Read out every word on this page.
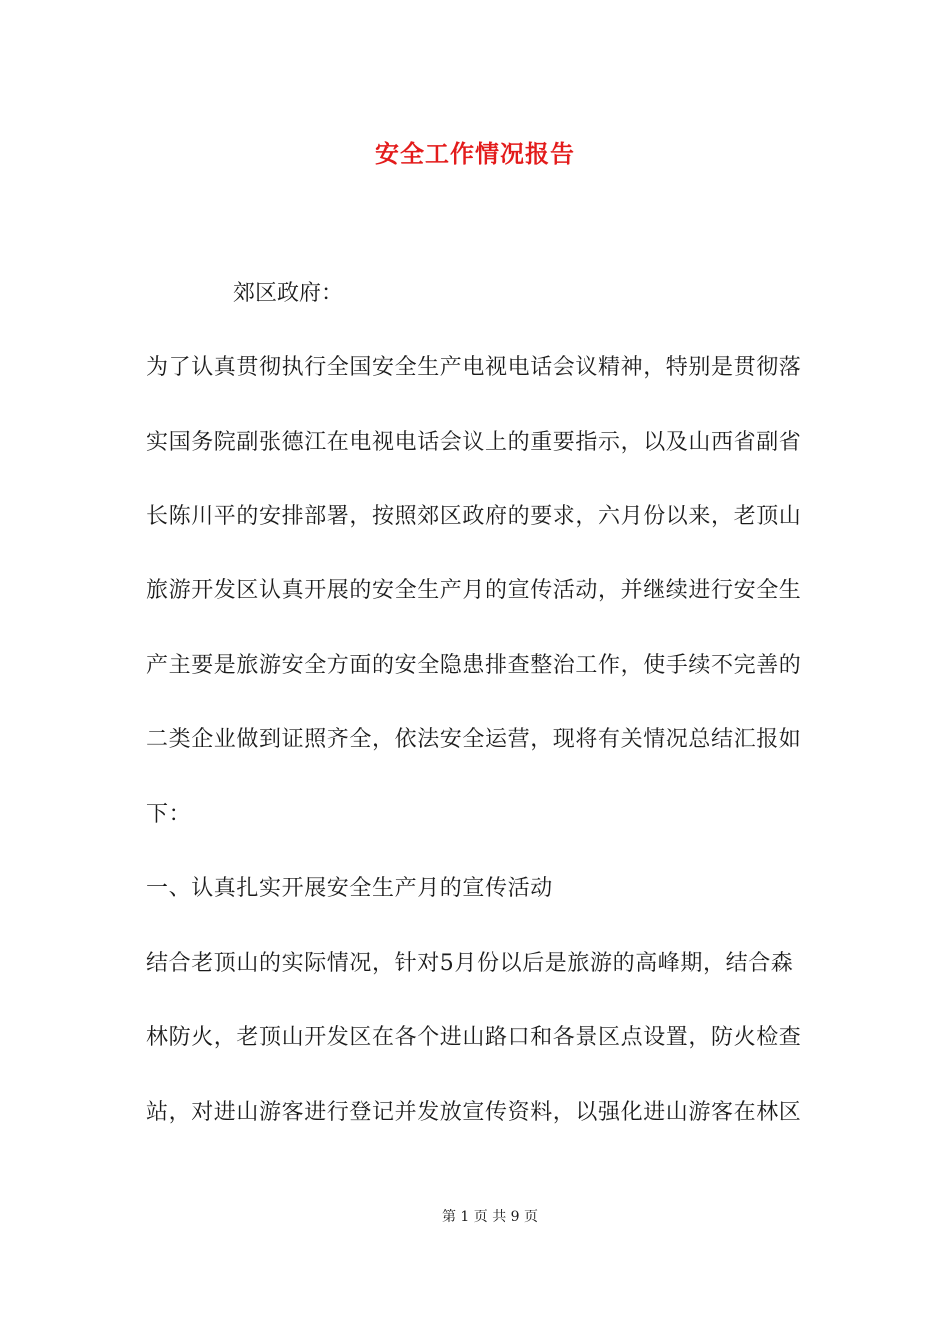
安全工作情况报告
郊区政府：
为了认真贯彻执行全国安全生产电视电话会议精神，特别是贯彻落
实国务院副张德江在电视电话会议上的重要指示，以及山西省副省
长陈川平的安排部署，按照郊区政府的要求，六月份以来，老顶山
旅游开发区认真开展的安全生产月的宣传活动，并继续进行安全生
产主要是旅游安全方面的安全隐患排查整治工作，使手续不完善的
二类企业做到证照齐全，依法安全运营，现将有关情况总结汇报如
下：
一、认真扎实开展安全生产月的宣传活动
结合老顶山的实际情况，针对5月份以后是旅游的高峰期，结合森
林防火，老顶山开发区在各个进山路口和各景区点设置，防火检查
站，对进山游客进行登记并发放宣传资料，以强化进山游客在林区
第 1 页 共 9 页
